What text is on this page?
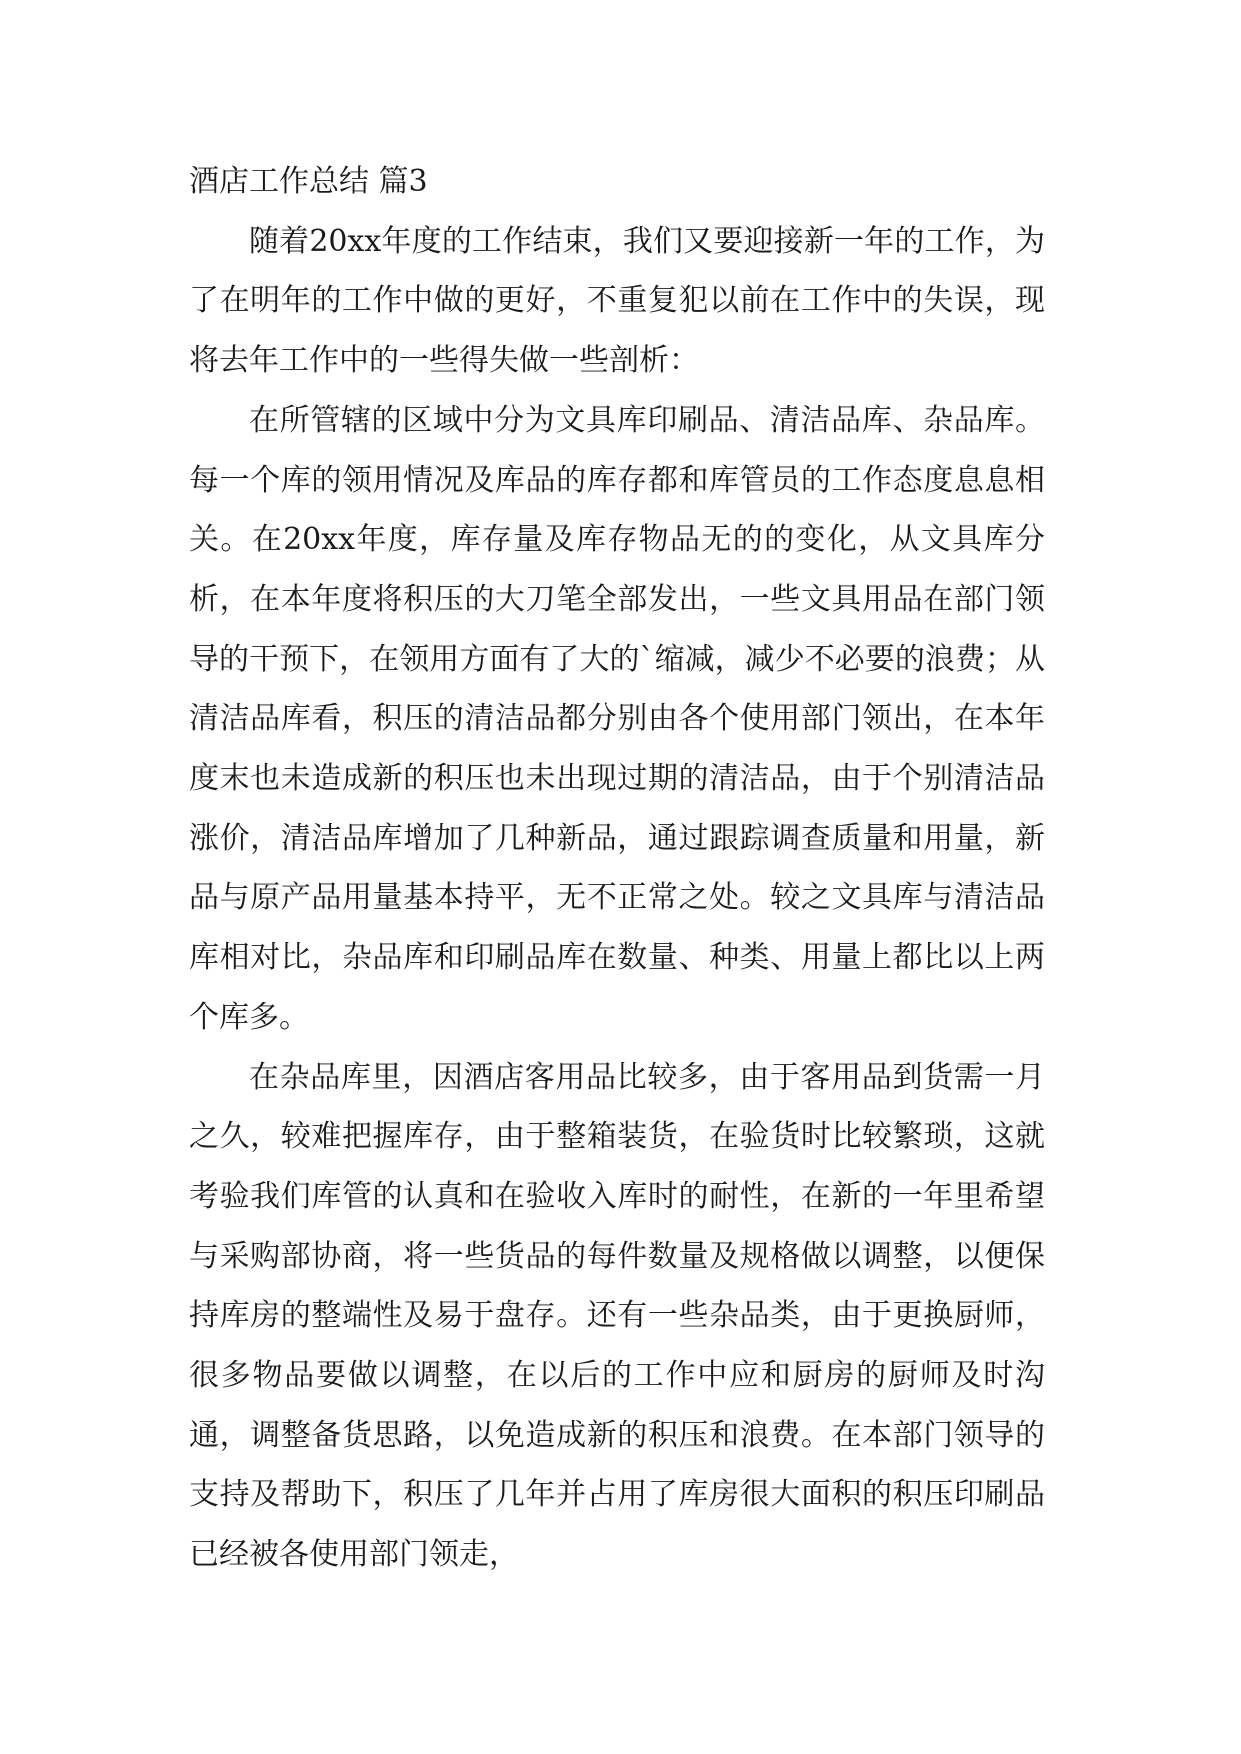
酒店工作总结 篇3

随着20xx年度的工作结束，我们又要迎接新一年的工作，为了在明年的工作中做的更好，不重复犯以前在工作中的失误，现将去年工作中的一些得失做一些剖析：

在所管辖的区域中分为文具库印刷品、清洁品库、杂品库。每一个库的领用情况及库品的库存都和库管员的工作态度息息相关。在20xx年度，库存量及库存物品无的的变化，从文具库分析，在本年度将积压的大刀笔全部发出，一些文具用品在部门领导的干预下，在领用方面有了大的`缩减，减少不必要的浪费；从清洁品库看，积压的清洁品都分别由各个使用部门领出，在本年度末也未造成新的积压也未出现过期的清洁品，由于个别清洁品涨价，清洁品库增加了几种新品，通过跟踪调查质量和用量，新品与原产品用量基本持平，无不正常之处。较之文具库与清洁品库相对比，杂品库和印刷品库在数量、种类、用量上都比以上两个库多。

在杂品库里，因酒店客用品比较多，由于客用品到货需一月之久，较难把握库存，由于整箱装货，在验货时比较繁琐，这就考验我们库管的认真和在验收入库时的耐性，在新的一年里希望与采购部协商，将一些货品的每件数量及规格做以调整，以便保持库房的整端性及易于盘存。还有一些杂品类，由于更换厨师，很多物品要做以调整，在以后的工作中应和厨房的厨师及时沟通，调整备货思路，以免造成新的积压和浪费。在本部门领导的支持及帮助下，积压了几年并占用了库房很大面积的积压印刷品已经被各使用部门领走，
